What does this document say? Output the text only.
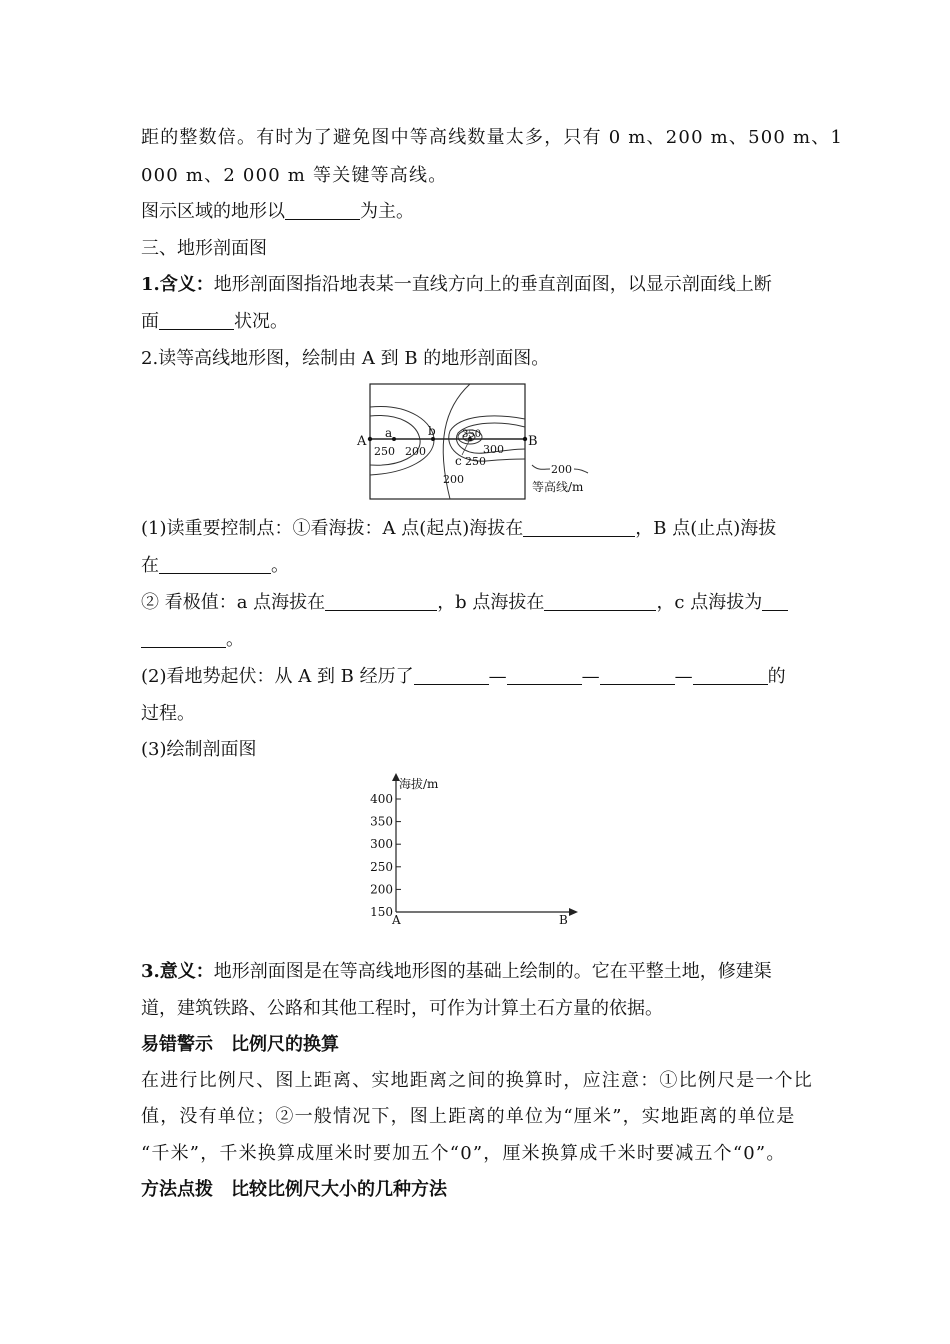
距的整数倍。有时为了避免图中等高线数量太多，只有 0 m、200 m、500 m、1
000 m、2 000 m 等关键等高线。
图示区域的地形以	为主。
三、地形剖面图
1.含义：地形剖面图指沿地表某一直线方向上的垂直剖面图，以显示剖面线上断
面	状况。
2.读等高线地形图，绘制由 A 到 B 的地形剖面图。
A	B
a	b
c
250 200
350
300
250
200
200
等高线/m
(1)读重要控制点：①看海拔：A 点(起点)海拔在	，B 点(止点)海拔
在	。
② 看极值：a 点海拔在	，b 点海拔在	，c 点海拔为
。
(2)看地势起伏：从 A 到 B 经历了	—	—	—	的
过程。
(3)绘制剖面图
海拔/m
400
350
300
250
200
150
A	B
3.意义：地形剖面图是在等高线地形图的基础上绘制的。它在平整土地，修建渠
道，建筑铁路、公路和其他工程时，可作为计算土石方量的依据。
易错警示　比例尺的换算
在进行比例尺、图上距离、实地距离之间的换算时，应注意：①比例尺是一个比
值，没有单位；②一般情况下，图上距离的单位为“厘米”，实地距离的单位是
“千米”，千米换算成厘米时要加五个“0”，厘米换算成千米时要减五个“0”。
方法点拨　比较比例尺大小的几种方法
